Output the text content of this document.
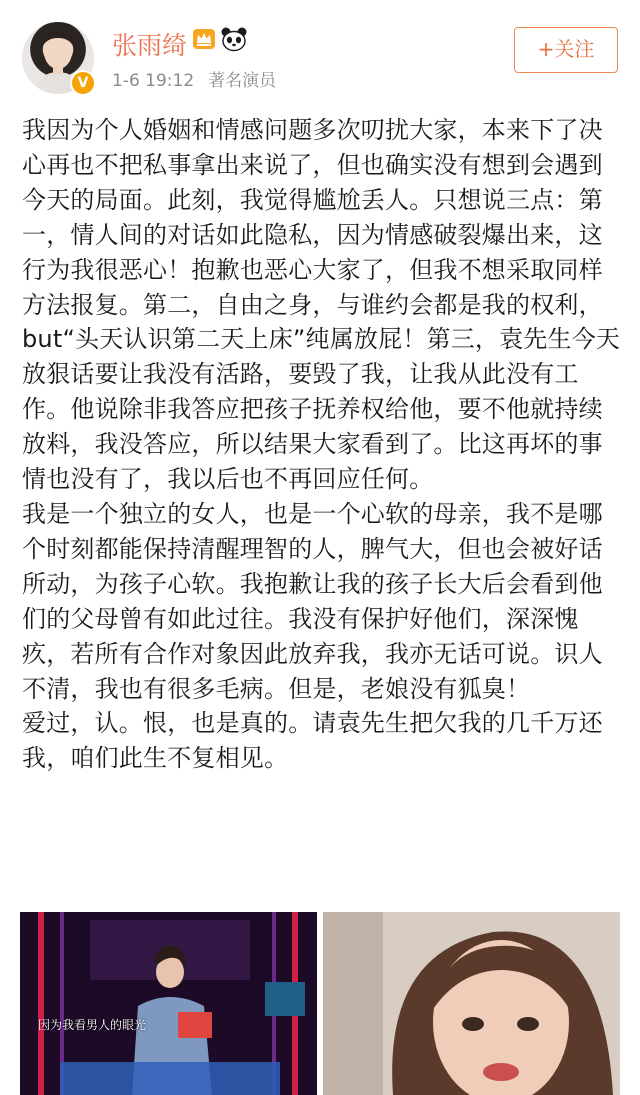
V
张雨绮
1-6 19:12 著名演员
+关注

我因为个人婚姻和情感问题多次叨扰大家，本来下了决心再也不把私事拿出来说了，但也确实没有想到会遇到今天的局面。此刻，我觉得尴尬丢人。只想说三点：第一，情人间的对话如此隐私，因为情感破裂爆出来，这行为我很恶心！抱歉也恶心大家了，但我不想采取同样方法报复。第二，自由之身，与谁约会都是我的权利，but“头天认识第二天上床”纯属放屁！第三，袁先生今天放狠话要让我没有活路，要毁了我，让我从此没有工作。他说除非我答应把孩子抚养权给他，要不他就持续放料，我没答应，所以结果大家看到了。比这再坏的事情也没有了，我以后也不再回应任何。

我是一个独立的女人，也是一个心软的母亲，我不是哪个时刻都能保持清醒理智的人，脾气大，但也会被好话所动，为孩子心软。我抱歉让我的孩子长大后会看到他们的父母曾有如此过往。我没有保护好他们，深深愧疚，若所有合作对象因此放弃我，我亦无话可说。识人不清，我也有很多毛病。但是，老娘没有狐臭！

爱过，认。恨，也是真的。请袁先生把欠我的几千万还我，咱们此生不复相见。

因为我看男人的眼光
